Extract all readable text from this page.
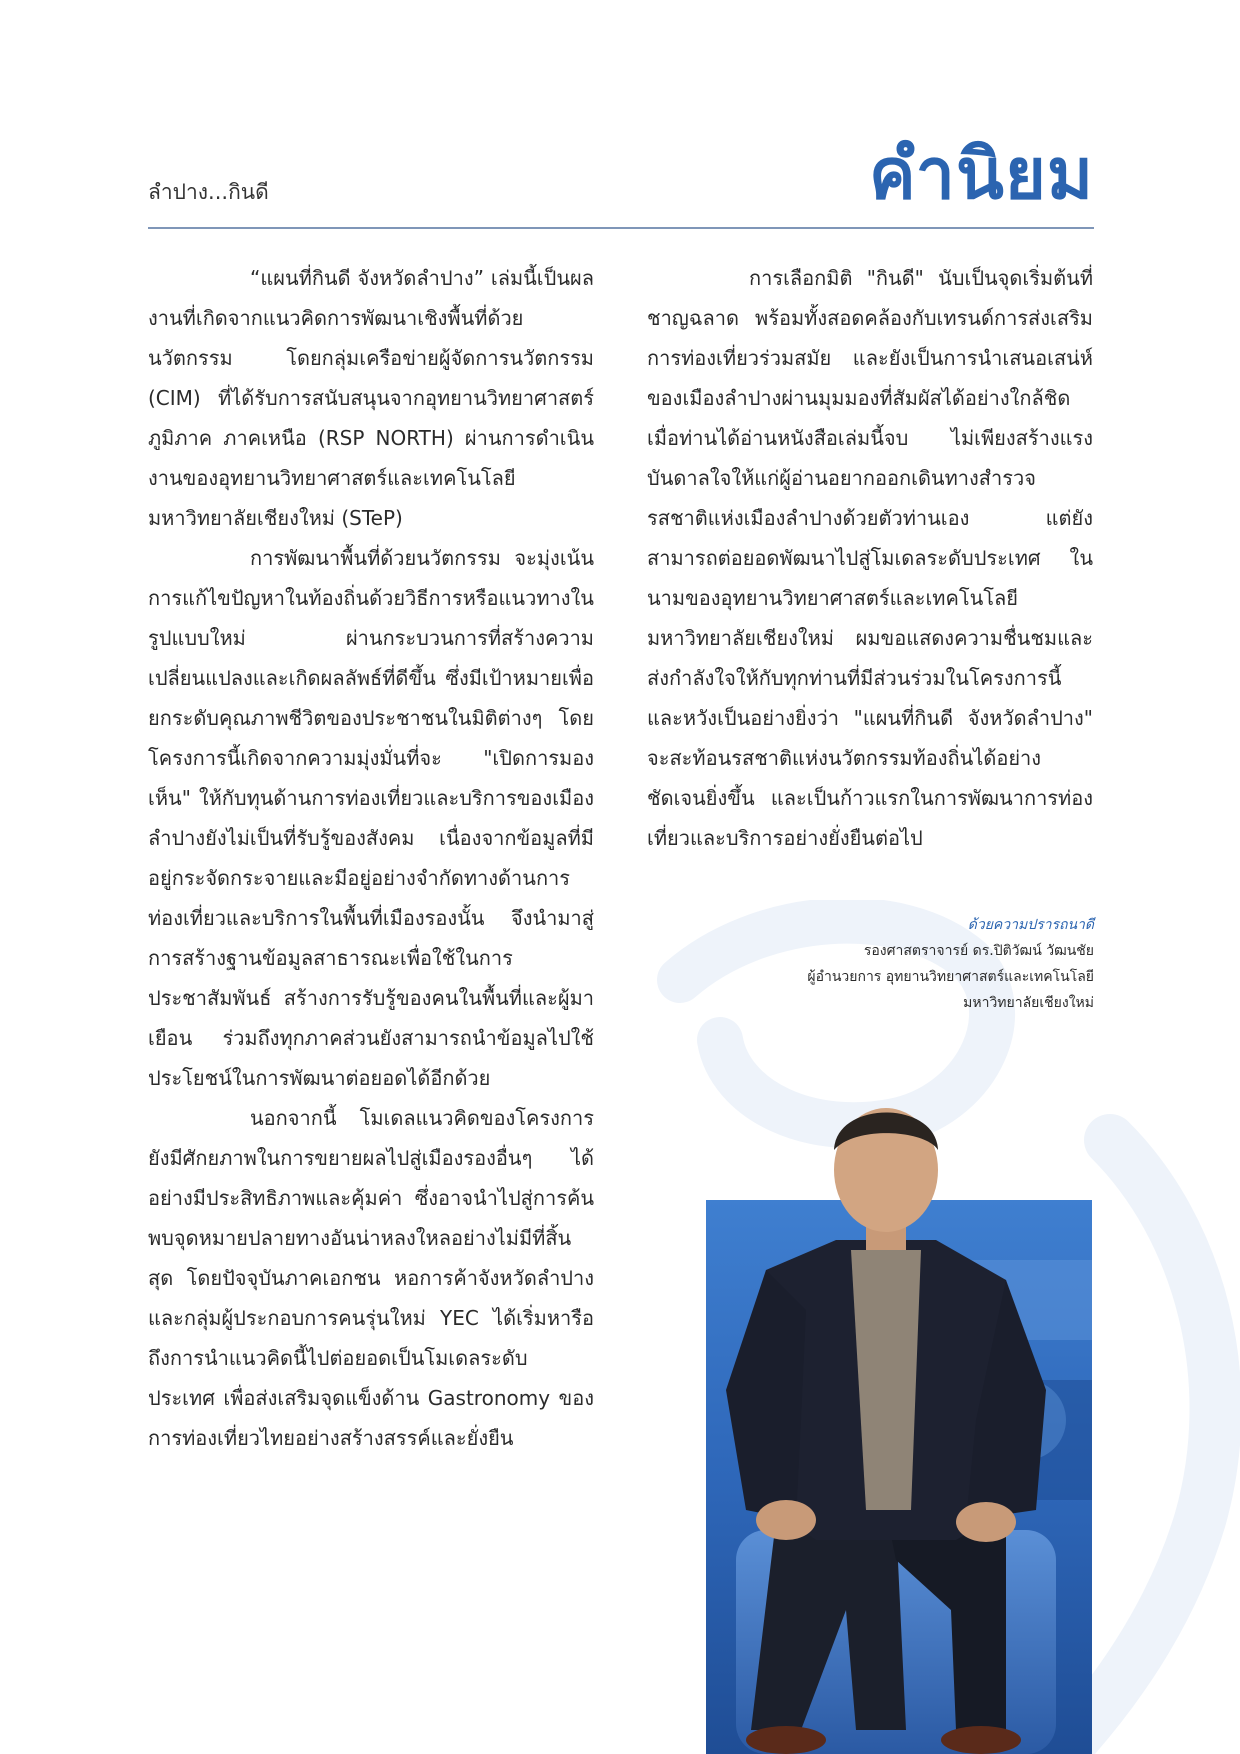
ลำปาง...กินดี	คำนิยม

“แผนที่กินดี จังหวัดลำปาง” เล่มนี้เป็นผลงานที่เกิดจากแนวคิดการพัฒนาเชิงพื้นที่ด้วยนวัตกรรม โดยกลุ่มเครือข่ายผู้จัดการนวัตกรรม (CIM) ที่ได้รับการสนับสนุนจากอุทยานวิทยาศาสตร์ภูมิภาค ภาคเหนือ (RSP NORTH) ผ่านการดำเนินงานของอุทยานวิทยาศาสตร์และเทคโนโลยี มหาวิทยาลัยเชียงใหม่ (STeP)

การพัฒนาพื้นที่ด้วยนวัตกรรม จะมุ่งเน้นการแก้ไขปัญหาในท้องถิ่นด้วยวิธีการหรือแนวทางในรูปแบบใหม่ ผ่านกระบวนการที่สร้างความเปลี่ยนแปลงและเกิดผลลัพธ์ที่ดีขึ้น ซึ่งมีเป้าหมายเพื่อยกระดับคุณภาพชีวิตของประชาชนในมิติต่างๆ โดยโครงการนี้เกิดจากความมุ่งมั่นที่จะ "เปิดการมองเห็น" ให้กับทุนด้านการท่องเที่ยวและบริการของเมืองลำปางยังไม่เป็นที่รับรู้ของสังคม เนื่องจากข้อมูลที่มีอยู่กระจัดกระจายและมีอยู่อย่างจำกัดทางด้านการท่องเที่ยวและบริการในพื้นที่เมืองรองนั้น จึงนำมาสู่การสร้างฐานข้อมูลสาธารณะเพื่อใช้ในการประชาสัมพันธ์ สร้างการรับรู้ของคนในพื้นที่และผู้มาเยือน ร่วมถึงทุกภาคส่วนยังสามารถนำข้อมูลไปใช้ประโยชน์ในการพัฒนาต่อยอดได้อีกด้วย

นอกจากนี้ โมเดลแนวคิดของโครงการยังมีศักยภาพในการขยายผลไปสู่เมืองรองอื่นๆ ได้อย่างมีประสิทธิภาพและคุ้มค่า ซึ่งอาจนำไปสู่การค้นพบจุดหมายปลายทางอันน่าหลงใหลอย่างไม่มีที่สิ้นสุด โดยปัจจุบันภาคเอกชน หอการค้าจังหวัดลำปาง และกลุ่มผู้ประกอบการคนรุ่นใหม่ YEC ได้เริ่มหารือถึงการนำแนวคิดนี้ไปต่อยอดเป็นโมเดลระดับประเทศ เพื่อส่งเสริมจุดแข็งด้าน Gastronomy ของการท่องเที่ยวไทยอย่างสร้างสรรค์และยั่งยืน

การเลือกมิติ "กินดี" นับเป็นจุดเริ่มต้นที่ชาญฉลาด พร้อมทั้งสอดคล้องกับเทรนด์การส่งเสริมการท่องเที่ยวร่วมสมัย และยังเป็นการนำเสนอเสน่ห์ของเมืองลำปางผ่านมุมมองที่สัมผัสได้อย่างใกล้ชิด เมื่อท่านได้อ่านหนังสือเล่มนี้จบ ไม่เพียงสร้างแรงบันดาลใจให้แก่ผู้อ่านอยากออกเดินทางสำรวจรสชาติแห่งเมืองลำปางด้วยตัวท่านเอง แต่ยังสามารถต่อยอดพัฒนาไปสู่โมเดลระดับประเทศ ในนามของอุทยานวิทยาศาสตร์และเทคโนโลยี มหาวิทยาลัยเชียงใหม่ ผมขอแสดงความชื่นชมและส่งกำลังใจให้กับทุกท่านที่มีส่วนร่วมในโครงการนี้ และหวังเป็นอย่างยิ่งว่า "แผนที่กินดี จังหวัดลำปาง" จะสะท้อนรสชาติแห่งนวัตกรรมท้องถิ่นได้อย่างชัดเจนยิ่งขึ้น และเป็นก้าวแรกในการพัฒนาการท่องเที่ยวและบริการอย่างยั่งยืนต่อไป

ด้วยความปรารถนาดี
รองศาสตราจารย์ ดร.ปิติวัฒน์ วัฒนชัย
ผู้อำนวยการ อุทยานวิทยาศาสตร์และเทคโนโลยี
มหาวิทยาลัยเชียงใหม่
